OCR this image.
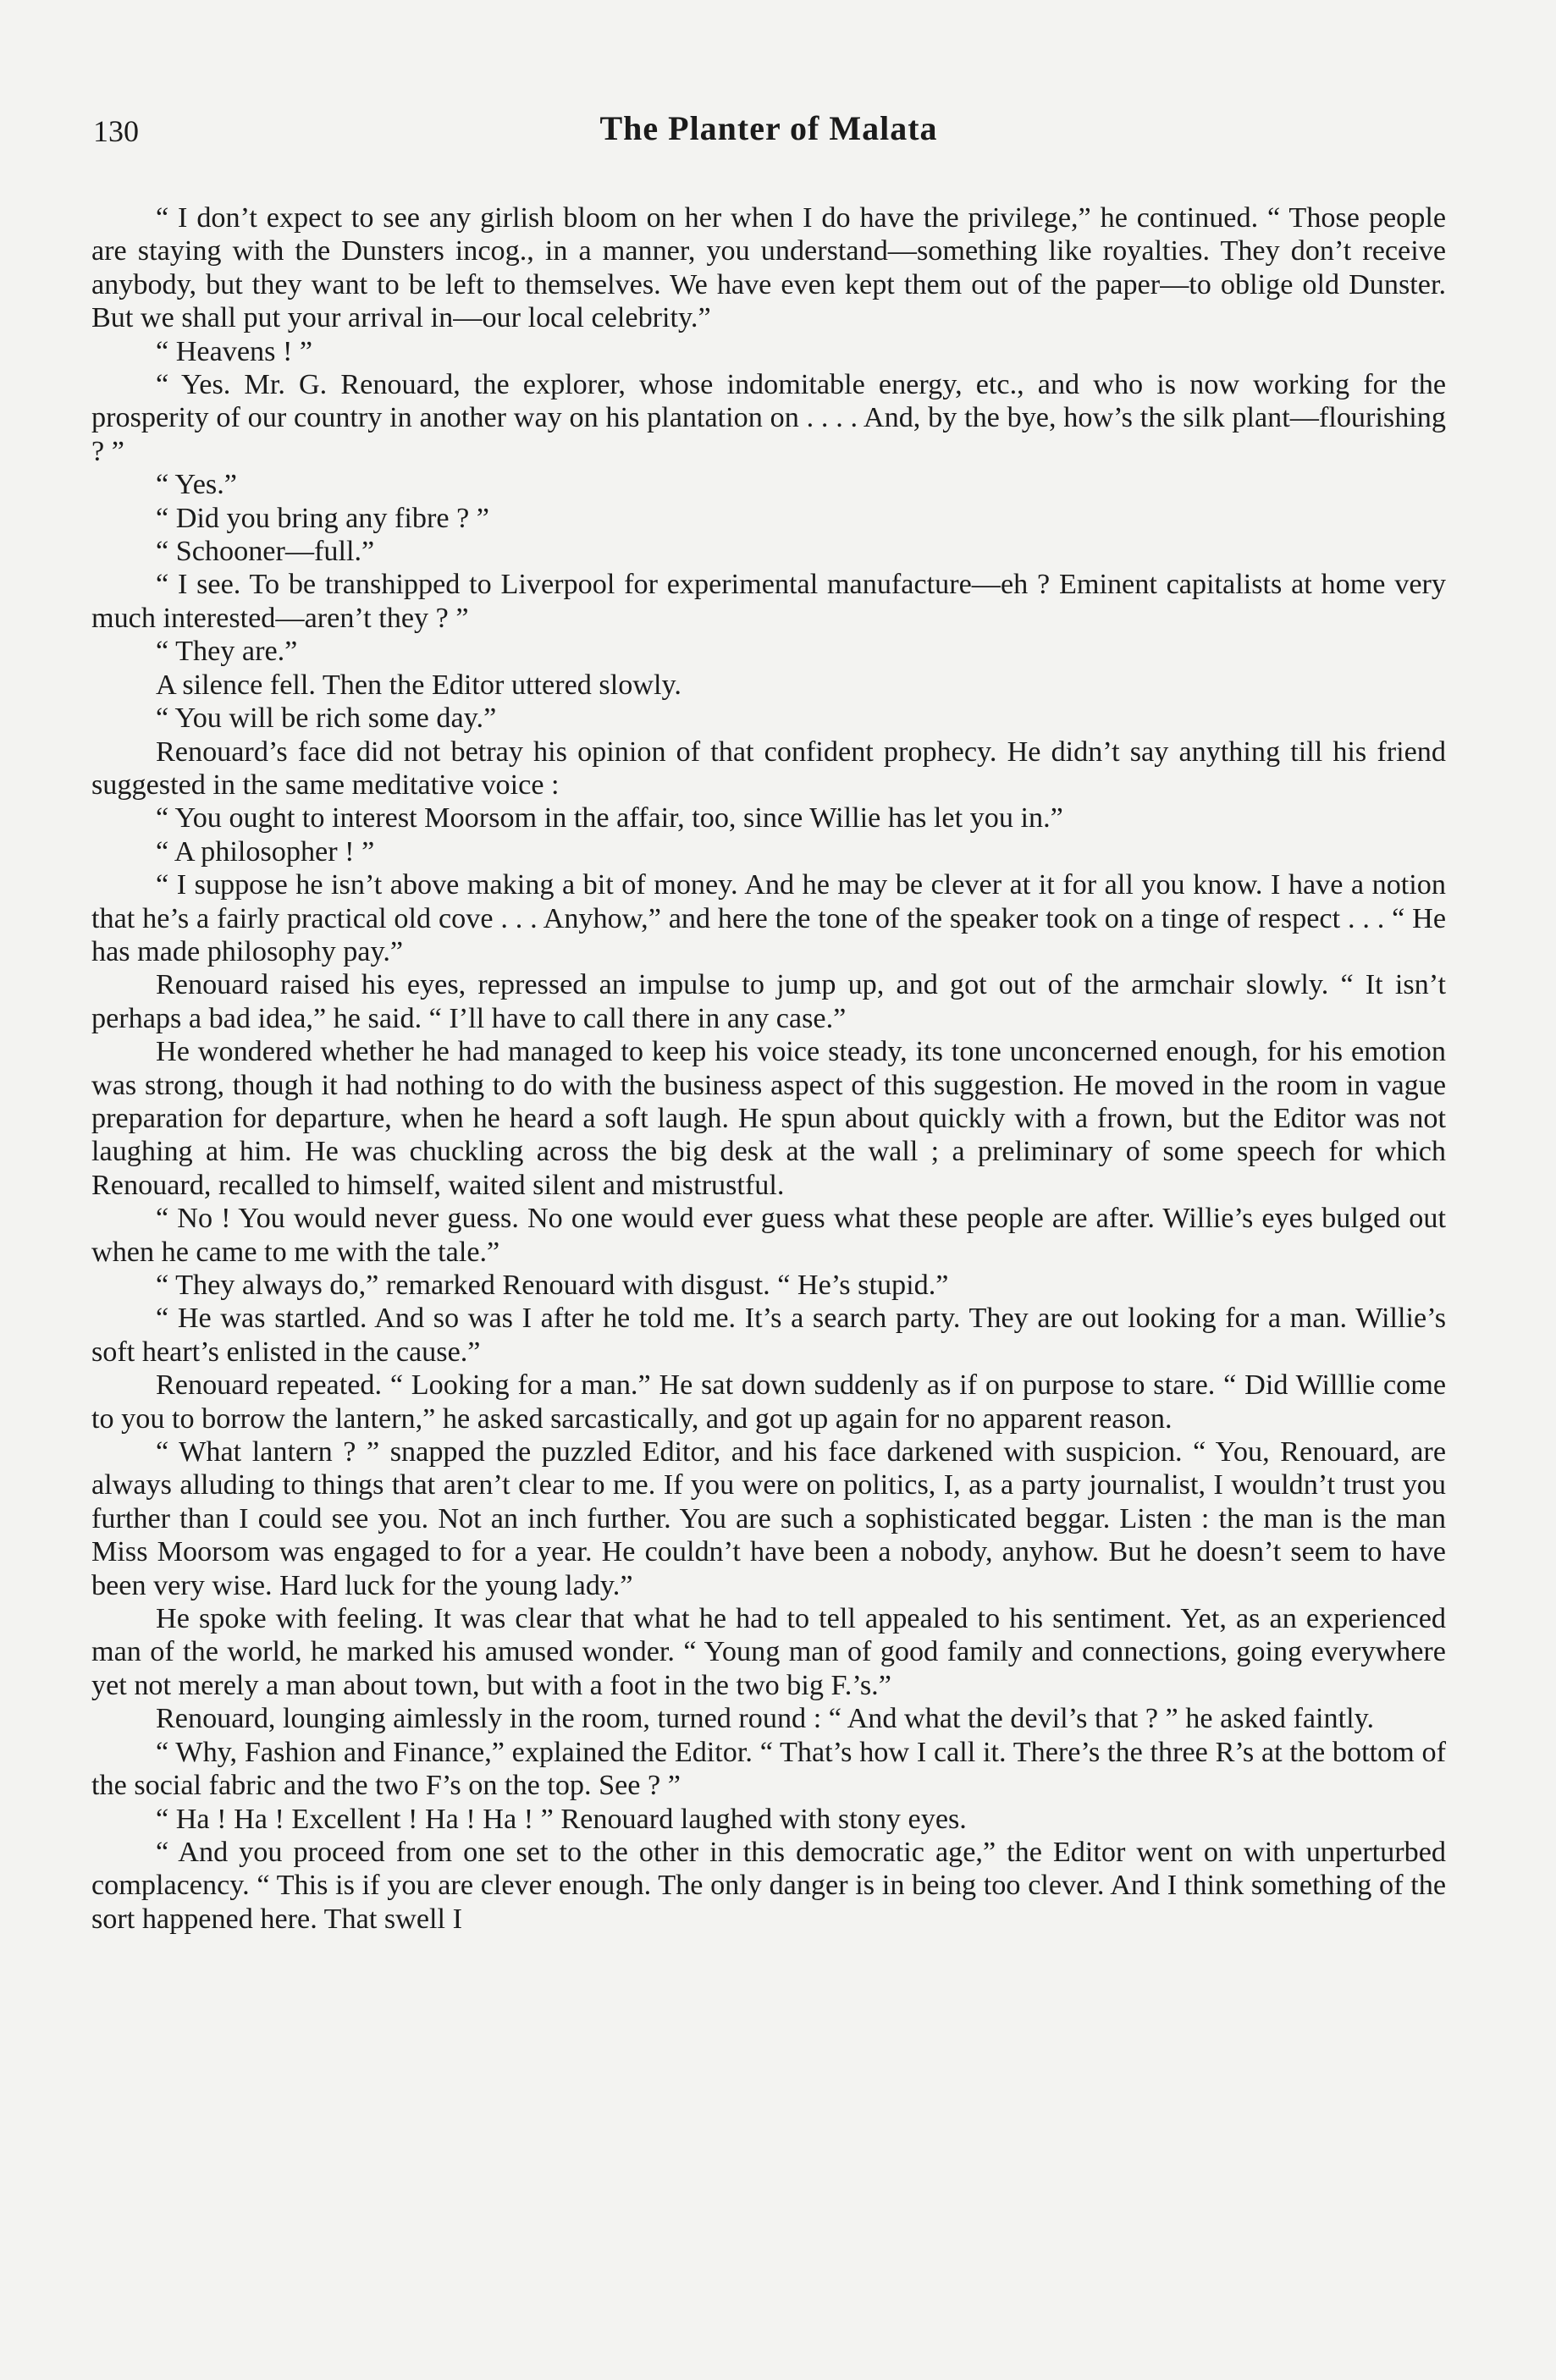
130	The Planter of Malata

“ I don’t expect to see any girlish bloom on her when I do have the privilege,” he continued. “ Those people are staying with the Dunsters incog., in a manner, you understand—something like royalties. They don’t receive anybody, but they want to be left to themselves. We have even kept them out of the paper—to oblige old Dunster. But we shall put your arrival in—our local celebrity.”

“ Heavens ! ”

“ Yes. Mr. G. Renouard, the explorer, whose indomitable energy, etc., and who is now working for the prosperity of our country in another way on his plantation on . . . . And, by the bye, how’s the silk plant—flourishing ? ”

“ Yes.”

“ Did you bring any fibre ? ”

“ Schooner—full.”

“ I see. To be transhipped to Liverpool for experimental manufacture—eh ? Eminent capitalists at home very much interested—aren’t they ? ”

“ They are.”

A silence fell. Then the Editor uttered slowly.

“ You will be rich some day.”

Renouard’s face did not betray his opinion of that confident prophecy. He didn’t say anything till his friend suggested in the same meditative voice :

“ You ought to interest Moorsom in the affair, too, since Willie has let you in.”

“ A philosopher ! ”

“ I suppose he isn’t above making a bit of money. And he may be clever at it for all you know. I have a notion that he’s a fairly practical old cove . . . Anyhow,” and here the tone of the speaker took on a tinge of respect . . . “ He has made philosophy pay.”

Renouard raised his eyes, repressed an impulse to jump up, and got out of the armchair slowly. “ It isn’t perhaps a bad idea,” he said. “ I’ll have to call there in any case.”

He wondered whether he had managed to keep his voice steady, its tone unconcerned enough, for his emotion was strong, though it had nothing to do with the business aspect of this suggestion. He moved in the room in vague preparation for departure, when he heard a soft laugh. He spun about quickly with a frown, but the Editor was not laughing at him. He was chuckling across the big desk at the wall ; a preliminary of some speech for which Renouard, recalled to himself, waited silent and mistrustful.

“ No ! You would never guess. No one would ever guess what these people are after. Willie’s eyes bulged out when he came to me with the tale.”

“ They always do,” remarked Renouard with disgust. “ He’s stupid.”

“ He was startled. And so was I after he told me. It’s a search party. They are out looking for a man. Willie’s soft heart’s enlisted in the cause.”

Renouard repeated. “ Looking for a man.” He sat down suddenly as if on purpose to stare. “ Did Willlie come to you to borrow the lantern,” he asked sarcastically, and got up again for no apparent reason.

“ What lantern ? ” snapped the puzzled Editor, and his face darkened with suspicion. “ You, Renouard, are always alluding to things that aren’t clear to me. If you were on politics, I, as a party journalist, I wouldn’t trust you further than I could see you. Not an inch further. You are such a sophisticated beggar. Listen : the man is the man Miss Moorsom was engaged to for a year. He couldn’t have been a nobody, anyhow. But he doesn’t seem to have been very wise. Hard luck for the young lady.”

He spoke with feeling. It was clear that what he had to tell appealed to his sentiment. Yet, as an experienced man of the world, he marked his amused wonder. “ Young man of good family and connections, going everywhere yet not merely a man about town, but with a foot in the two big F.’s.”

Renouard, lounging aimlessly in the room, turned round : “ And what the devil’s that ? ” he asked faintly.

“ Why, Fashion and Finance,” explained the Editor. “ That’s how I call it. There’s the three R’s at the bottom of the social fabric and the two F’s on the top. See ? ”

“ Ha ! Ha ! Excellent ! Ha ! Ha ! ” Renouard laughed with stony eyes.

“ And you proceed from one set to the other in this democratic age,” the Editor went on with unperturbed complacency. “ This is if you are clever enough. The only danger is in being too clever. And I think something of the sort happened here. That swell I
